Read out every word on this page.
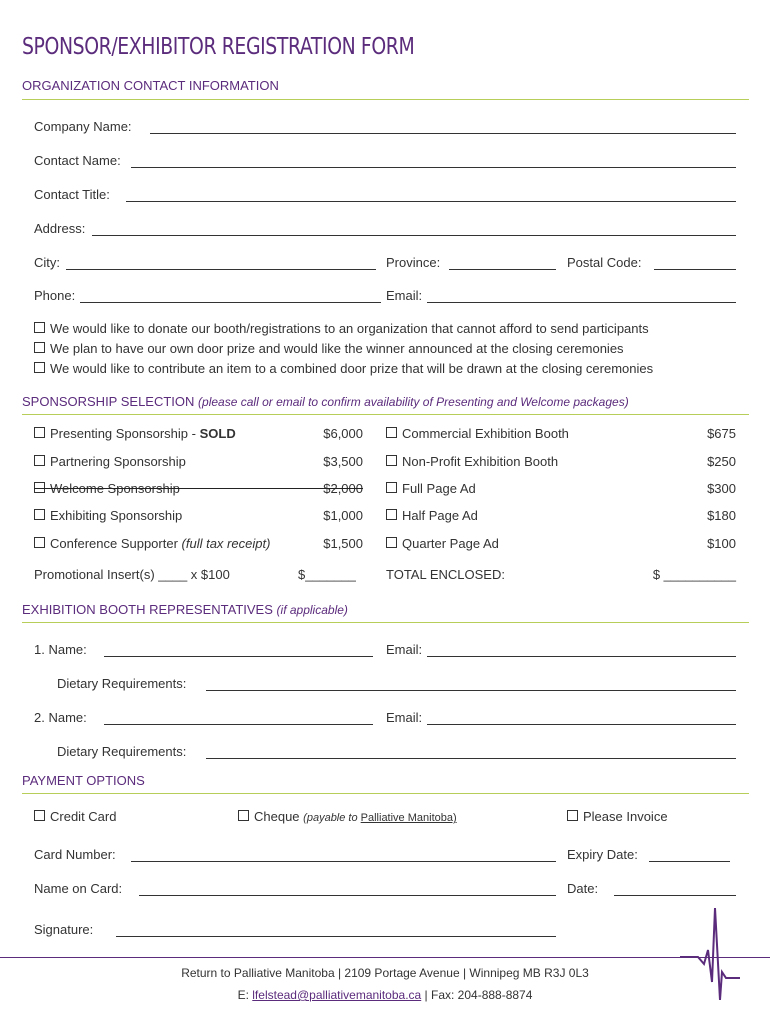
SPONSOR/EXHIBITOR REGISTRATION FORM
ORGANIZATION CONTACT INFORMATION
Company Name:
Contact Name:
Contact Title:
Address:
City:	Province:	Postal Code:
Phone:	Email:
We would like to donate our booth/registrations to an organization that cannot afford to send participants
We plan to have our own door prize and would like the winner announced at the closing ceremonies
We would like to contribute an item to a combined door prize that will be drawn at the closing ceremonies
SPONSORSHIP SELECTION (please call or email to confirm availability of Presenting and Welcome packages)
Presenting Sponsorship - SOLD	$6,000
Partnering Sponsorship	$3,500
Welcome Sponsorship	$2,000
Exhibiting Sponsorship	$1,000
Conference Supporter (full tax receipt)	$1,500
Promotional Insert(s) ____ x $100	$_______
Commercial Exhibition Booth	$675
Non-Profit Exhibition Booth	$250
Full Page Ad	$300
Half Page Ad	$180
Quarter Page Ad	$100
TOTAL ENCLOSED:	$ __________
EXHIBITION BOOTH REPRESENTATIVES (if applicable)
1. Name:	Email:
Dietary Requirements:
2. Name:	Email:
Dietary Requirements:
PAYMENT OPTIONS
Credit Card	Cheque (payable to Palliative Manitoba)	Please Invoice
Card Number:	Expiry Date:
Name on Card:	Date:
Signature:
Return to Palliative Manitoba | 2109 Portage Avenue | Winnipeg MB R3J 0L3
E: lfelstead@palliativemanitoba.ca | Fax: 204-888-8874
